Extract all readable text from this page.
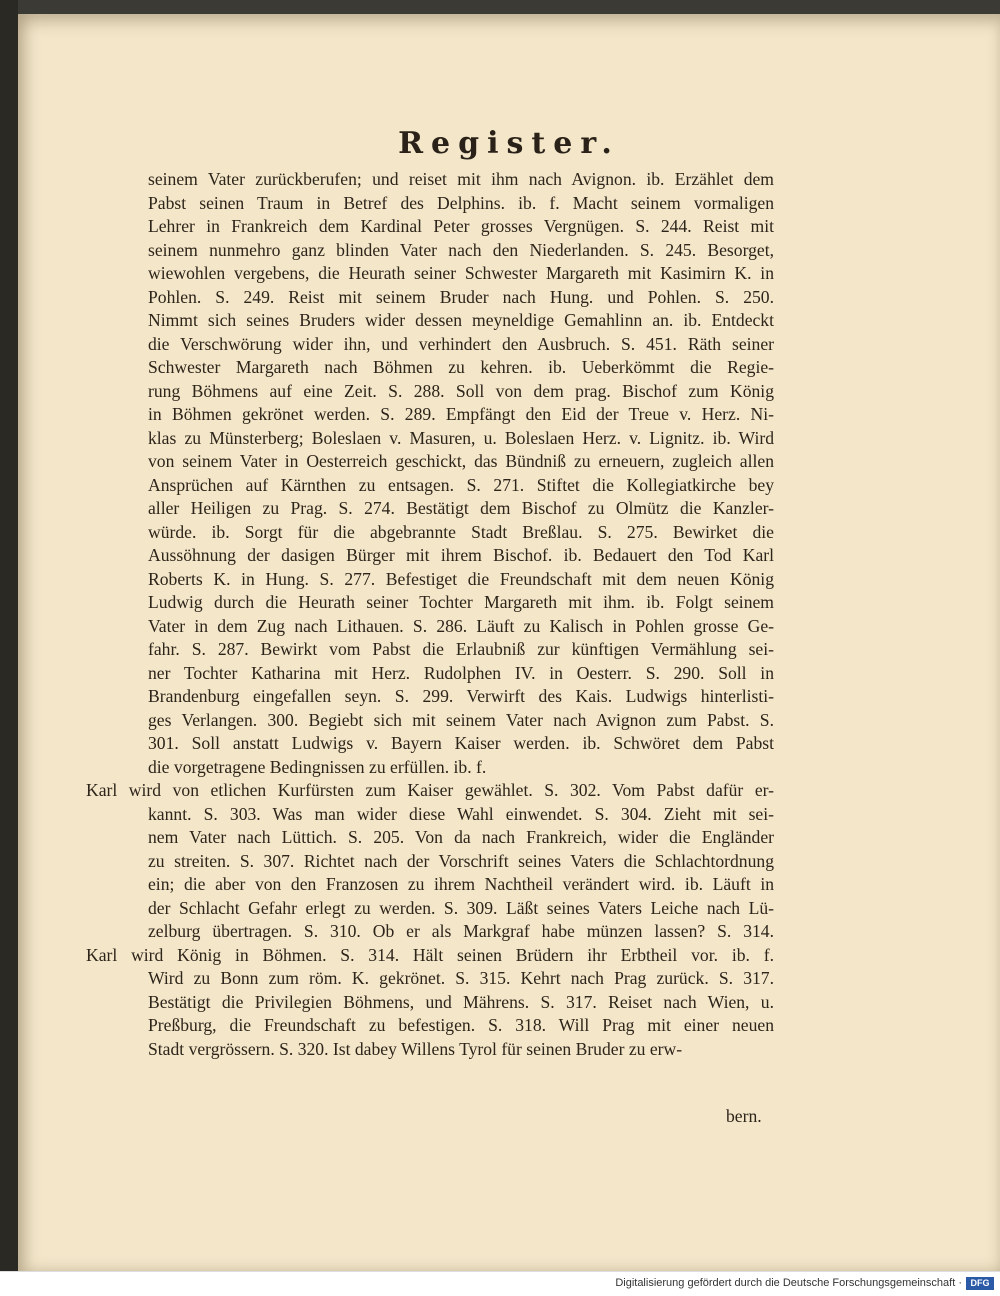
Register.
seinem Vater zurückberufen; und reiset mit ihm nach Avignon. ib. Erzählet dem
Pabst seinen Traum in Betref des Delphins. ib. f. Macht seinem vormaligen
Lehrer in Frankreich dem Kardinal Peter grosses Vergnügen. S. 244. Reist mit
seinem nunmehro ganz blinden Vater nach den Niederlanden. S. 245. Besorget,
wiewohlen vergebens, die Heurath seiner Schwester Margareth mit Kasimirn K. in
Pohlen. S. 249. Reist mit seinem Bruder nach Hung. und Pohlen. S. 250.
Nimmt sich seines Bruders wider dessen meyneldige Gemahlinn an. ib. Entdeckt
die Verschwörung wider ihn, und verhindert den Ausbruch. S. 451. Räth seiner
Schwester Margareth nach Böhmen zu kehren. ib. Ueberkömmt die Regie-
rung Böhmens auf eine Zeit. S. 288. Soll von dem prag. Bischof zum König
in Böhmen gekrönet werden. S. 289. Empfängt den Eid der Treue v. Herz. Ni-
klas zu Münsterberg; Boleslaen v. Masuren, u. Boleslaen Herz. v. Lignitz. ib. Wird
von seinem Vater in Oesterreich geschickt, das Bündniß zu erneuern, zugleich allen
Ansprüchen auf Kärnthen zu entsagen. S. 271. Stiftet die Kollegiatkirche bey
aller Heiligen zu Prag. S. 274. Bestätigt dem Bischof zu Olmütz die Kanzler-
würde. ib. Sorgt für die abgebrannte Stadt Breßlau. S. 275. Bewirket die
Aussöhnung der dasigen Bürger mit ihrem Bischof. ib. Bedauert den Tod Karl
Roberts K. in Hung. S. 277. Befestiget die Freundschaft mit dem neuen König
Ludwig durch die Heurath seiner Tochter Margareth mit ihm. ib. Folgt seinem
Vater in dem Zug nach Lithauen. S. 286. Läuft zu Kalisch in Pohlen grosse Ge-
fahr. S. 287. Bewirkt vom Pabst die Erlaubniß zur künftigen Vermählung sei-
ner Tochter Katharina mit Herz. Rudolphen IV. in Oesterr. S. 290. Soll in
Brandenburg eingefallen seyn. S. 299. Verwirft des Kais. Ludwigs hinterlisti-
ges Verlangen. 300. Begiebt sich mit seinem Vater nach Avignon zum Pabst. S.
301. Soll anstatt Ludwigs v. Bayern Kaiser werden. ib. Schwöret dem Pabst
die vorgetragene Bedingnissen zu erfüllen. ib. f.
Karl wird von etlichen Kurfürsten zum Kaiser gewählet. S. 302. Vom Pabst dafür er-
kannt. S. 303. Was man wider diese Wahl einwendet. S. 304. Zieht mit sei-
nem Vater nach Lüttich. S. 205. Von da nach Frankreich, wider die Engländer
zu streiten. S. 307. Richtet nach der Vorschrift seines Vaters die Schlachtordnung
ein; die aber von den Franzosen zu ihrem Nachtheil verändert wird. ib. Läuft in
der Schlacht Gefahr erlegt zu werden. S. 309. Läßt seines Vaters Leiche nach Lü-
zelburg übertragen. S. 310. Ob er als Markgraf habe münzen lassen? S. 314.
Karl wird König in Böhmen. S. 314. Hält seinen Brüdern ihr Erbtheil vor. ib. f.
Wird zu Bonn zum röm. K. gekrönet. S. 315. Kehrt nach Prag zurück. S. 317.
Bestätigt die Privilegien Böhmens, und Mährens. S. 317. Reiset nach Wien, u.
Preßburg, die Freundschaft zu befestigen. S. 318. Will Prag mit einer neuen
Stadt vergrössern. S. 320. Ist dabey Willens Tyrol für seinen Bruder zu erw-
bern.
Digitalisierung gefördert durch die Deutsche Forschungsgemeinschaft · DFG
